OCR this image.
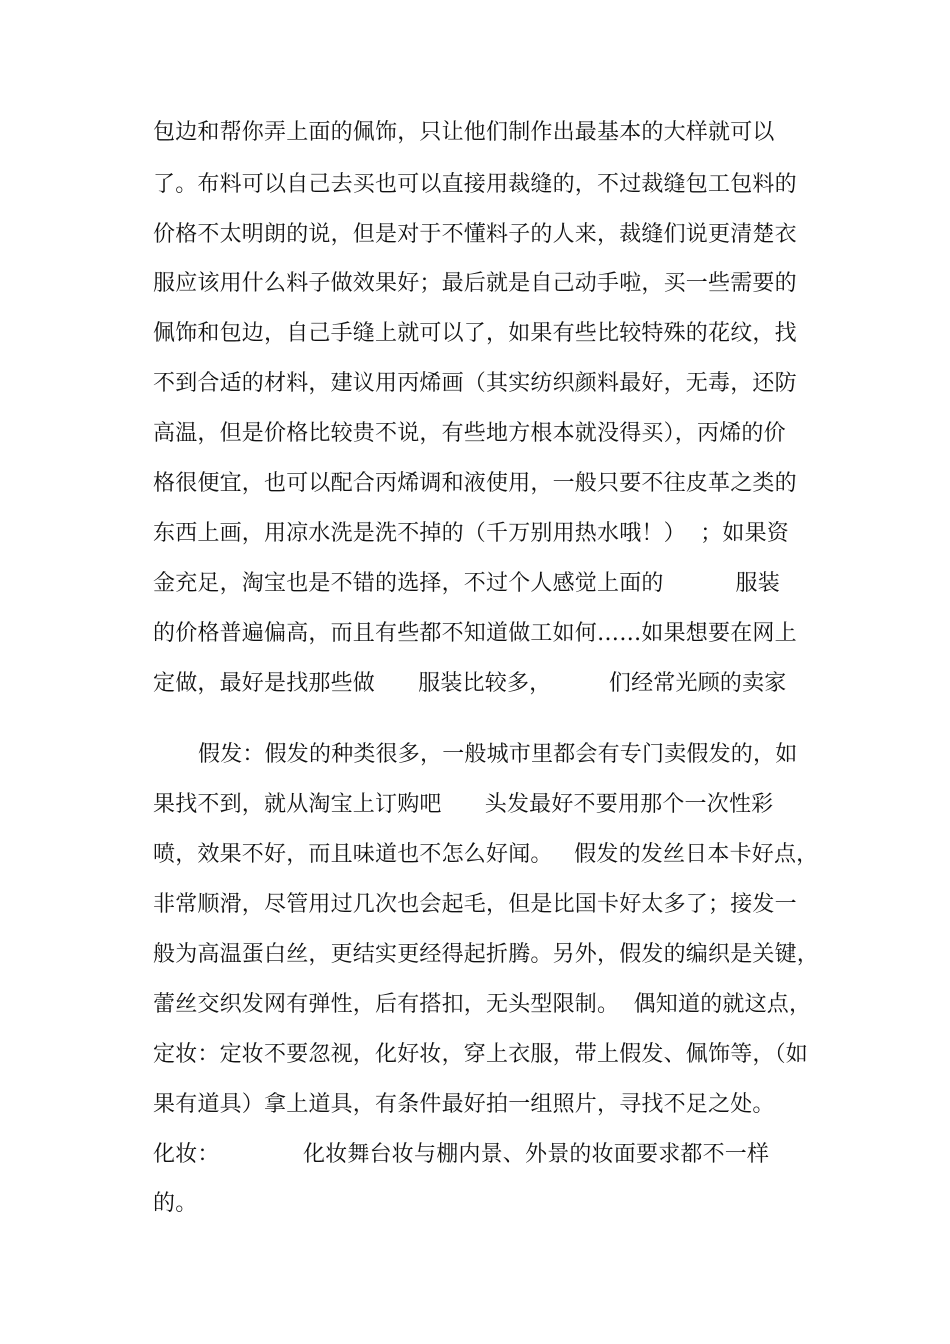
包边和帮你弄上面的佩饰，只让他们制作出最基本的大样就可以
了。布料可以自己去买也可以直接用裁缝的，不过裁缝包工包料的
价格不太明朗的说，但是对于不懂料子的人来，裁缝们说更清楚衣
服应该用什么料子做效果好；最后就是自己动手啦，买一些需要的
佩饰和包边，自己手缝上就可以了，如果有些比较特殊的花纹，找
不到合适的材料，建议用丙烯画（其实纺织颜料最好，无毒，还防
高温，但是价格比较贵不说，有些地方根本就没得买），丙烯的价
格很便宜，也可以配合丙烯调和液使用，一般只要不往皮革之类的
东西上画，用凉水洗是洗不掉的（千万别用热水哦！）  ；如果资
金充足，淘宝也是不错的选择，不过个人感觉上面的          服装
的价格普遍偏高，而且有些都不知道做工如何……如果想要在网上
定做，最好是找那些做      服装比较多，        们经常光顾的卖家
假发：假发的种类很多，一般城市里都会有专门卖假发的，如
果找不到，就从淘宝上订购吧      头发最好不要用那个一次性彩
喷，效果不好，而且味道也不怎么好闻。   假发的发丝日本卡好点，
非常顺滑，尽管用过几次也会起毛，但是比国卡好太多了；接发一
般为高温蛋白丝，更结实更经得起折腾。另外，假发的编织是关键，
蕾丝交织发网有弹性，后有搭扣，无头型限制。  偶知道的就这点，
定妆：定妆不要忽视，化好妆，穿上衣服，带上假发、佩饰等，（如
果有道具）拿上道具，有条件最好拍一组照片，寻找不足之处。
化妆：	化妆舞台妆与棚内景、外景的妆面要求都不一样
的。
